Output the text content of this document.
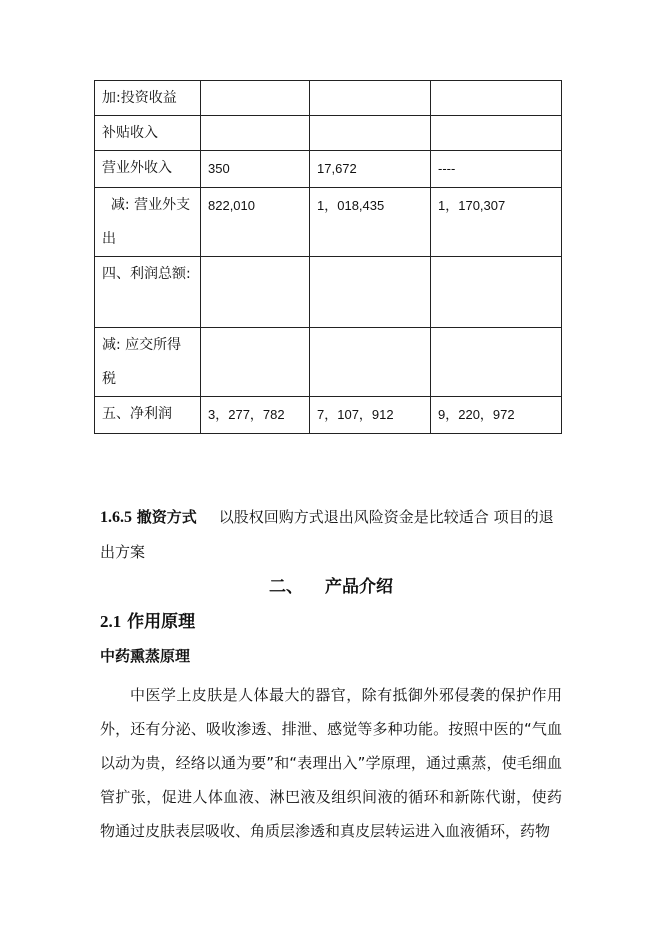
加:投资收益			
补贴收入			
营业外收入	350	17,672	----
减: 营业外支出	822,010	1，018,435	1，170,307
四、利润总额:			
减: 应交所得税			
五、净利润	3，277，782	7，107，912	9，220，972
1.6.5 撤资方式 以股权回购方式退出风险资金是比较适合 项目的退出方案
二、 产品介绍
2.1 作用原理
中药熏蒸原理
中医学上皮肤是人体最大的器官，除有抵御外邪侵袭的保护作用外，还有分泌、吸收渗透、排泄、感觉等多种功能。按照中医的“气血以动为贵，经络以通为要”和“表理出入”学原理，通过熏蒸，使毛细血管扩张，促进人体血液、淋巴液及组织间液的循环和新陈代谢，使药物通过皮肤表层吸收、角质层渗透和真皮层转运进入血液循环，药物
